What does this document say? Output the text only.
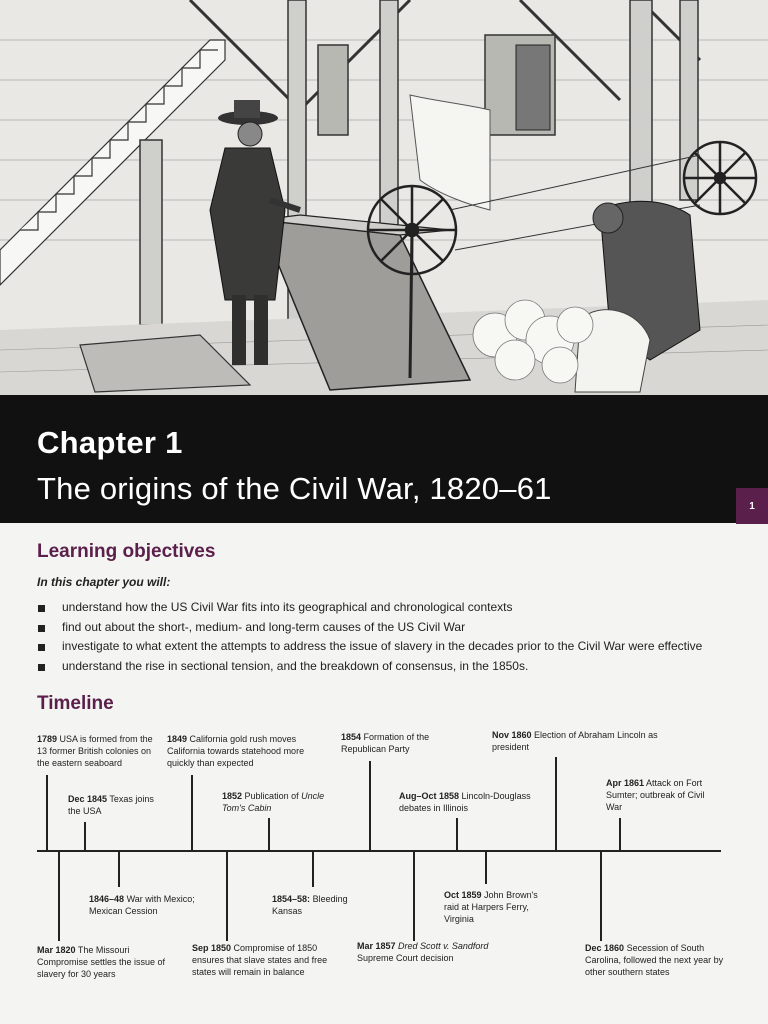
Chapter 1
The origins of the Civil War, 1820–61	1
Learning objectives
In this chapter you will:
understand how the US Civil War fits into its geographical and chronological contexts
find out about the short-, medium- and long-term causes of the US Civil War
investigate to what extent the attempts to address the issue of slavery in the decades prior to the Civil War were effective
understand the rise in sectional tension, and the breakdown of consensus, in the 1850s.
Timeline
1789 USA is formed from the 13 former British colonies on the eastern seaboard
Dec 1845 Texas joins the USA
1849 California gold rush moves California towards statehood more quickly than expected
1852 Publication of Uncle Tom's Cabin
1854 Formation of the Republican Party
Aug–Oct 1858 Lincoln-Douglass debates in Illinois
Nov 1860 Election of Abraham Lincoln as president
Apr 1861 Attack on Fort Sumter; outbreak of Civil War
Mar 1820 The Missouri Compromise settles the issue of slavery for 30 years
1846–48 War with Mexico; Mexican Cession
Sep 1850 Compromise of 1850 ensures that slave states and free states will remain in balance
1854–58: Bleeding Kansas
Mar 1857 Dred Scott v. Sandford Supreme Court decision
Oct 1859 John Brown's raid at Harpers Ferry, Virginia
Dec 1860 Secession of South Carolina, followed the next year by other southern states
